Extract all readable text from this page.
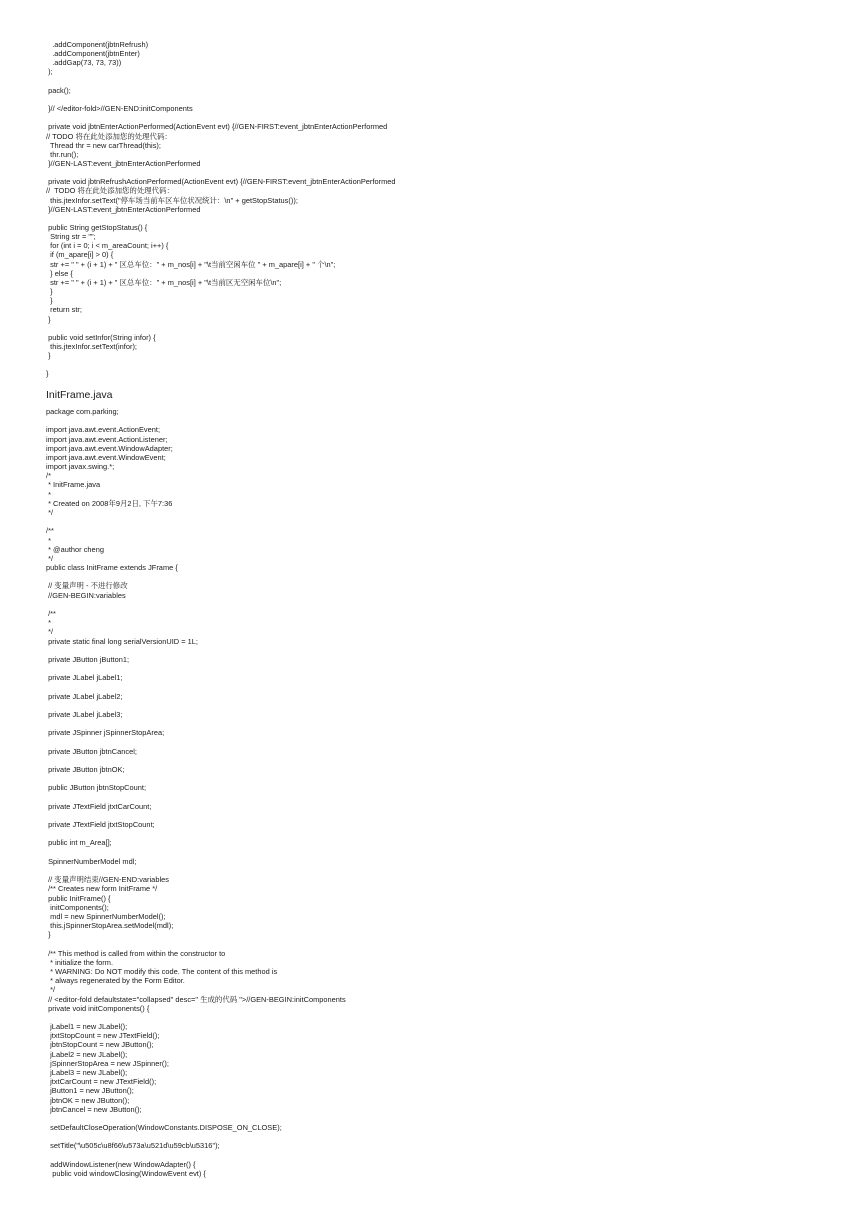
.addComponent(jbtnRefrush)
.addComponent(jbtnEnter)
.addGap(73, 73, 73))
);
pack();
}// </editor-fold>//GEN-END:initComponents
private void jbtnEnterActionPerformed(ActionEvent evt) {//GEN-FIRST:event_jbtnEnterActionPerformed
// TODO 将在此处添加您的处理代码：
Thread thr = new carThread(this);
thr.run();
}//GEN-LAST:event_jbtnEnterActionPerformed
private void jbtnRefrushActionPerformed(ActionEvent evt) {//GEN-FIRST:event_jbtnEnterActionPerformed
//  TODO 将在此处添加您的处理代码：
this.jtexInfor.setText("停车场当前车区车位状况统计：\n" + getStopStatus());
}//GEN-LAST:event_jbtnEnterActionPerformed
public String getStopStatus() {
String str = "";
for (int i = 0; i < m_areaCount; i++) {
if (m_apare[i] > 0) {
str += " " + (i + 1) + " 区总车位：" + m_nos[i] + "\t当前空闲车位 " + m_apare[i] + " 个\n";
} else {
str += " " + (i + 1) + " 区总车位：" + m_nos[i] + "\t当前区无空闲车位\n";
}
}
return str;
}
public void setInfor(String infor) {
this.jtexInfor.setText(infor);
}
}
InitFrame.java
package com.parking;
import java.awt.event.ActionEvent;
import java.awt.event.ActionListener;
import java.awt.event.WindowAdapter;
import java.awt.event.WindowEvent;
import javax.swing.*;
/*
* InitFrame.java
*
* Created on 2008年9月2日, 下午7:36
*/
/**
*
* @author cheng
*/
public class InitFrame extends JFrame {
// 变量声明 - 不进行修改
//GEN-BEGIN:variables
/**
*
*/
private static final long serialVersionUID = 1L;
private JButton jButton1;
private JLabel jLabel1;
private JLabel jLabel2;
private JLabel jLabel3;
private JSpinner jSpinnerStopArea;
private JButton jbtnCancel;
private JButton jbtnOK;
public JButton jbtnStopCount;
private JTextField jtxtCarCount;
private JTextField jtxtStopCount;
public int m_Area[];
SpinnerNumberModel mdl;
// 变量声明结束//GEN-END:variables
/** Creates new form InitFrame */
public InitFrame() {
initComponents();
mdl = new SpinnerNumberModel();
this.jSpinnerStopArea.setModel(mdl);
}
/** This method is called from within the constructor to
* initialize the form.
* WARNING: Do NOT modify this code. The content of this method is
* always regenerated by the Form Editor.
*/
// <editor-fold defaultstate="collapsed" desc=" 生成的代码 ">//GEN-BEGIN:initComponents
private void initComponents() {
jLabel1 = new JLabel();
jtxtStopCount = new JTextField();
jbtnStopCount = new JButton();
jLabel2 = new JLabel();
jSpinnerStopArea = new JSpinner();
jLabel3 = new JLabel();
jtxtCarCount = new JTextField();
jButton1 = new JButton();
jbtnOK = new JButton();
jbtnCancel = new JButton();
setDefaultCloseOperation(WindowConstants.DISPOSE_ON_CLOSE);
setTitle("\u505c\u8f66\u573a\u521d\u59cb\u5316");
addWindowListener(new WindowAdapter() {
public void windowClosing(WindowEvent evt) {
